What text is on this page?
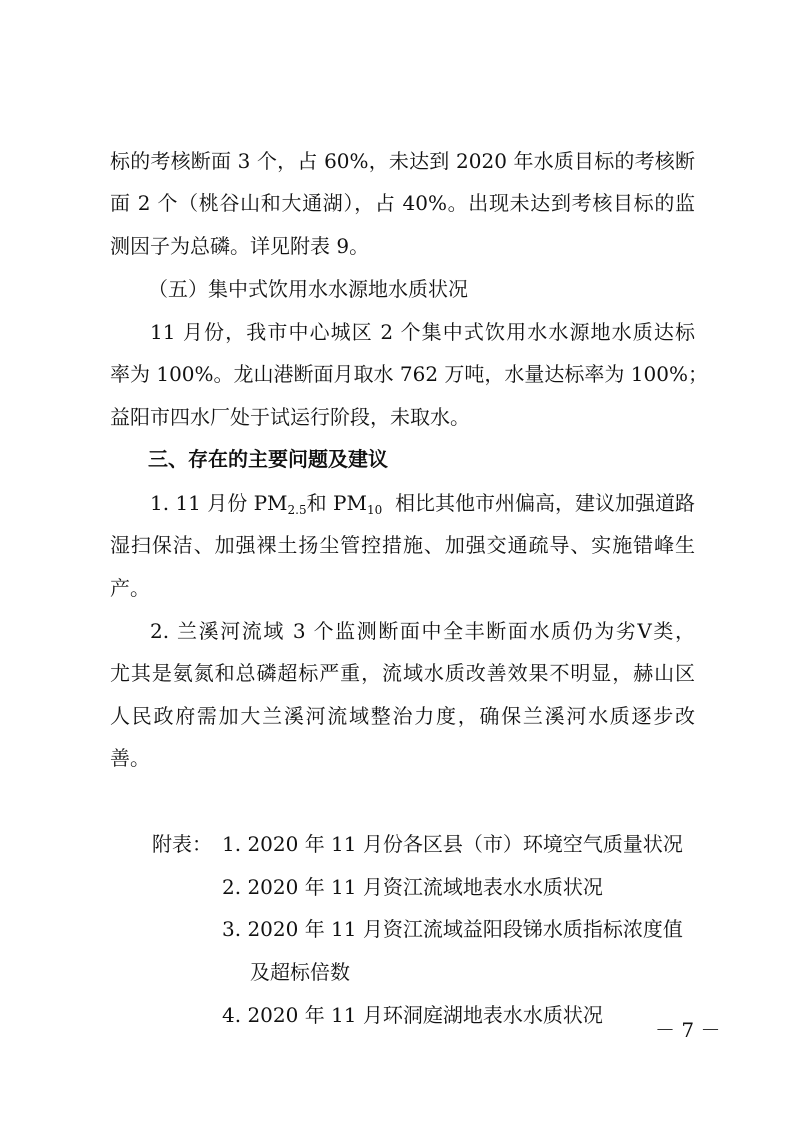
标的考核断面 3 个，占 60%，未达到 2020 年水质目标的考核断
面 2 个（桃谷山和大通湖），占 40%。出现未达到考核目标的监
测因子为总磷。详见附表 9。
（五）集中式饮用水水源地水质状况
11 月份，我市中心城区 2 个集中式饮用水水源地水质达标
率为 100%。龙山港断面月取水 762 万吨，水量达标率为 100%；
益阳市四水厂处于试运行阶段，未取水。
三、存在的主要问题及建议
1. 11 月份 $PM_{2.5}$和 $PM_{10}$ 相比其他市州偏高，建议加强道路
湿扫保洁、加强裸土扬尘管控措施、加强交通疏导、实施错峰生
产。
2. 兰溪河流域 3 个监测断面中全丰断面水质仍为劣V类，
尤其是氨氮和总磷超标严重，流域水质改善效果不明显，赫山区
人民政府需加大兰溪河流域整治力度，确保兰溪河水质逐步改
善。
附表： 1. 2020 年 11 月份各区县（市）环境空气质量状况
2. 2020 年 11 月资江流域地表水水质状况
3. 2020 年 11 月资江流域益阳段锑水质指标浓度值
及超标倍数
4. 2020 年 11 月环洞庭湖地表水水质状况
－ 7 －
